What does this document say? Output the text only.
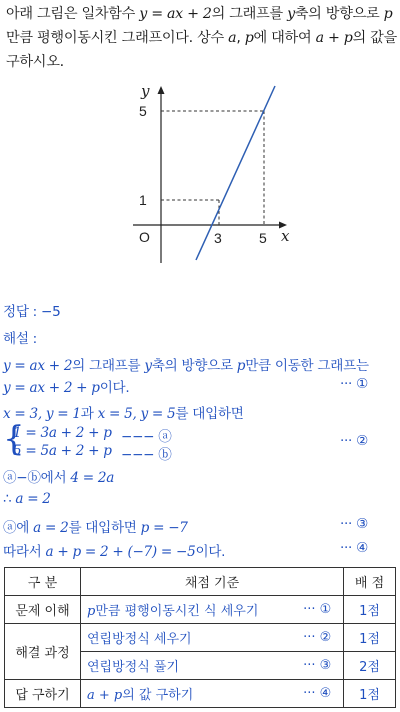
아래 그림은 일차함수 y = ax + 2의 그래프를 y축의 방향으로 p
만큼 평행이동시킨 그래프이다. 상수 a, p에 대하여 a + p의 값을
구하시오.
y
x
O
5
1
3	5
정답 : −5
해설 :
y = ax + 2의 그래프를 y축의 방향으로 p만큼 이동한 그래프는
y = ax + 2 + p이다.	··· ①
x = 3, y = 1과 x = 5, y = 5를 대입하면
{
1 = 3a + 2 + p −−− ⓐ
5 = 5a + 2 + p −−− ⓑ
··· ②
ⓐ−ⓑ에서 4 = 2a
∴ a = 2
ⓐ에 a = 2를 대입하면 p = −7	··· ③
따라서 a + p = 2 + (−7) = −5이다.	··· ④
구 분	채점 기준		배 점
문제 이해	p만큼 평행이동시킨 식 세우기	··· ①	1점
해결 과정	연립방정식 세우기	··· ②	1점
	연립방정식 풀기	··· ③	2점
답 구하기	a + p의 값 구하기	··· ④	1점
